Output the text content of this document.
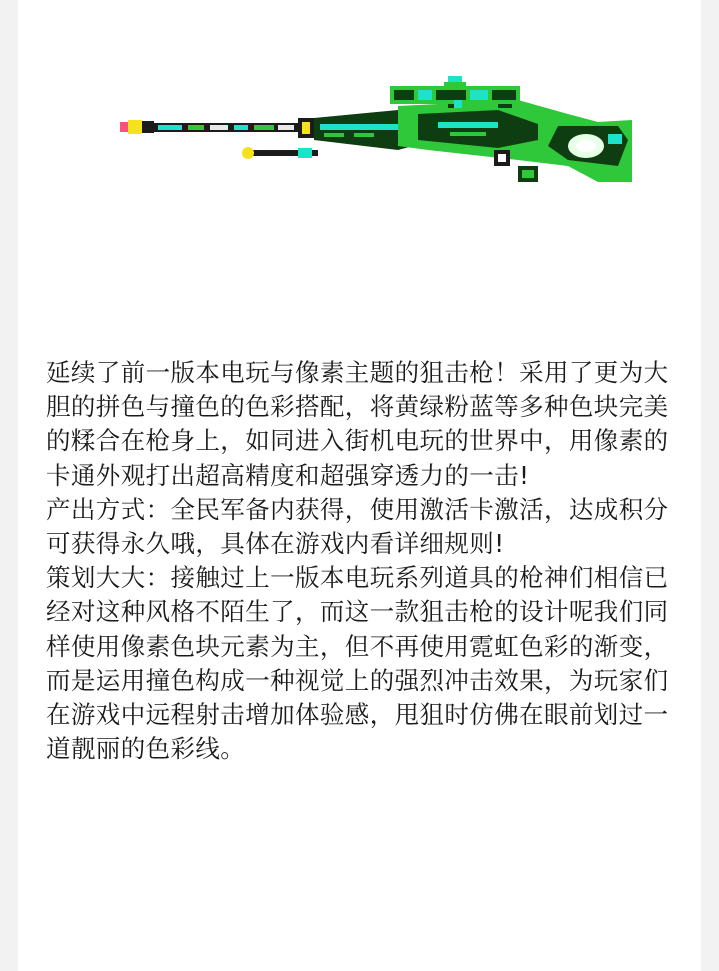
延续了前一版本电玩与像素主题的狙击枪！采用了更为大胆的拼色与撞色的色彩搭配，将黄绿粉蓝等多种色块完美的糅合在枪身上，如同进入街机电玩的世界中，用像素的卡通外观打出超高精度和超强穿透力的一击!

产出方式：全民军备内获得，使用激活卡激活，达成积分可获得永久哦，具体在游戏内看详细规则!

策划大大：接触过上一版本电玩系列道具的枪神们相信已经对这种风格不陌生了，而这一款狙击枪的设计呢我们同样使用像素色块元素为主，但不再使用霓虹色彩的渐变，而是运用撞色构成一种视觉上的强烈冲击效果，为玩家们在游戏中远程射击增加体验感，甩狙时仿佛在眼前划过一道靓丽的色彩线。
